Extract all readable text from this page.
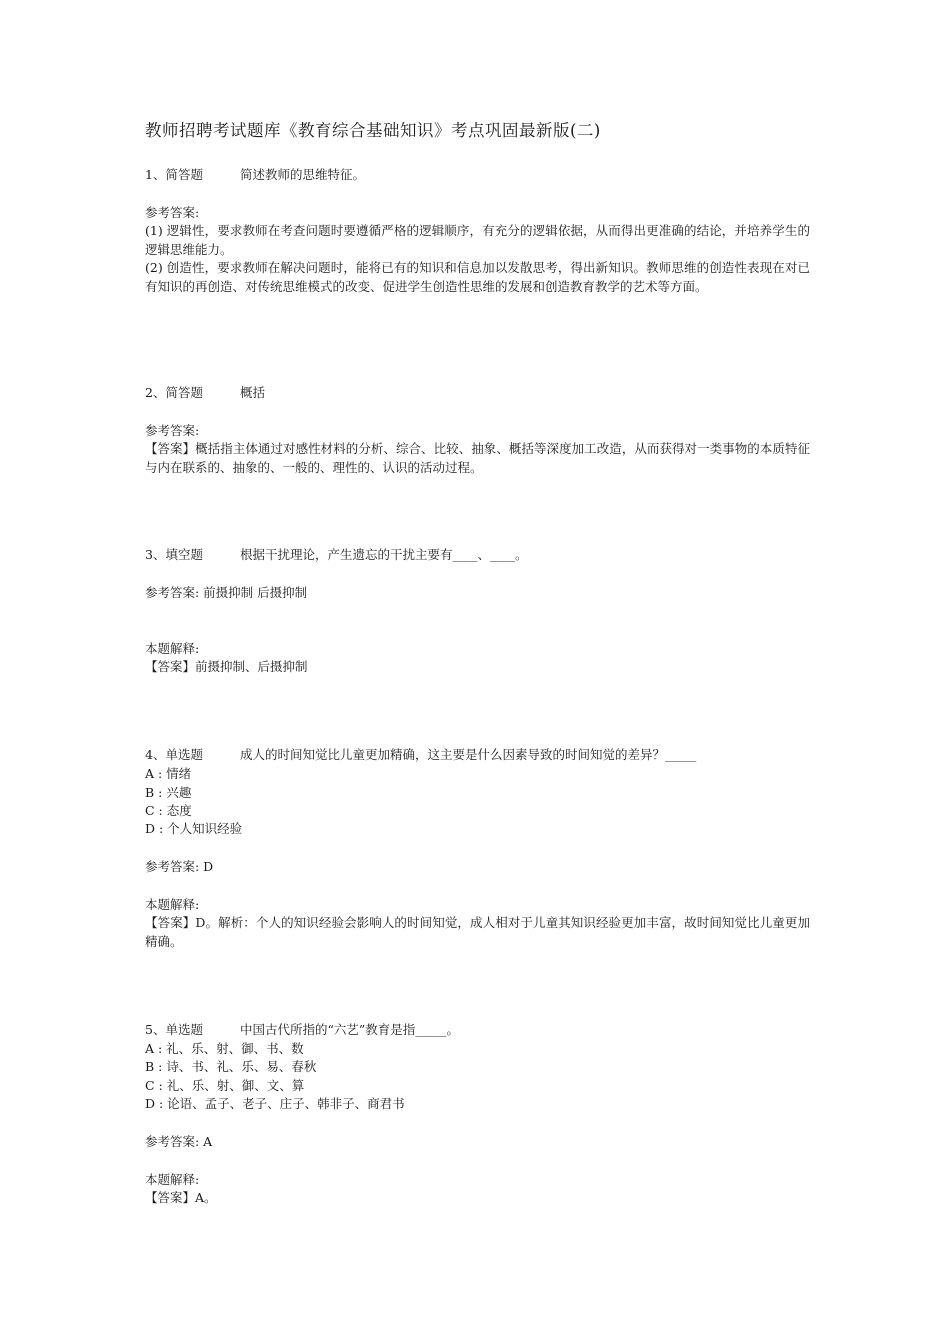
教师招聘考试题库《教育综合基础知识》考点巩固最新版(二)
1、简答题	简述教师的思维特征。
参考答案:
(1) 逻辑性，要求教师在考查问题时要遵循严格的逻辑顺序，有充分的逻辑依据，从而得出更准确的结论，并培养学生的逻辑思维能力。
(2) 创造性，要求教师在解决问题时，能将已有的知识和信息加以发散思考，得出新知识。教师思维的创造性表现在对已有知识的再创造、对传统思维模式的改变、促进学生创造性思维的发展和创造教育教学的艺术等方面。
2、简答题	概括
参考答案:
【答案】概括指主体通过对感性材料的分析、综合、比较、抽象、概括等深度加工改造，从而获得对一类事物的本质特征与内在联系的、抽象的、一般的、理性的、认识的活动过程。
3、填空题	根据干扰理论，产生遗忘的干扰主要有____、____。
参考答案: 前摄抑制 后摄抑制
本题解释:
【答案】前摄抑制、后摄抑制
4、单选题	成人的时间知觉比儿童更加精确，这主要是什么因素导致的时间知觉的差异？_____
A : 情绪
B : 兴趣
C : 态度
D : 个人知识经验
参考答案: D
本题解释:
【答案】D。解析：个人的知识经验会影响人的时间知觉，成人相对于儿童其知识经验更加丰富，故时间知觉比儿童更加精确。
5、单选题	中国古代所指的“六艺”教育是指_____。
A : 礼、乐、射、御、书、数
B : 诗、书、礼、乐、易、春秋
C : 礼、乐、射、御、文、算
D : 论语、孟子、老子、庄子、韩非子、商君书
参考答案: A
本题解释:
【答案】A。
